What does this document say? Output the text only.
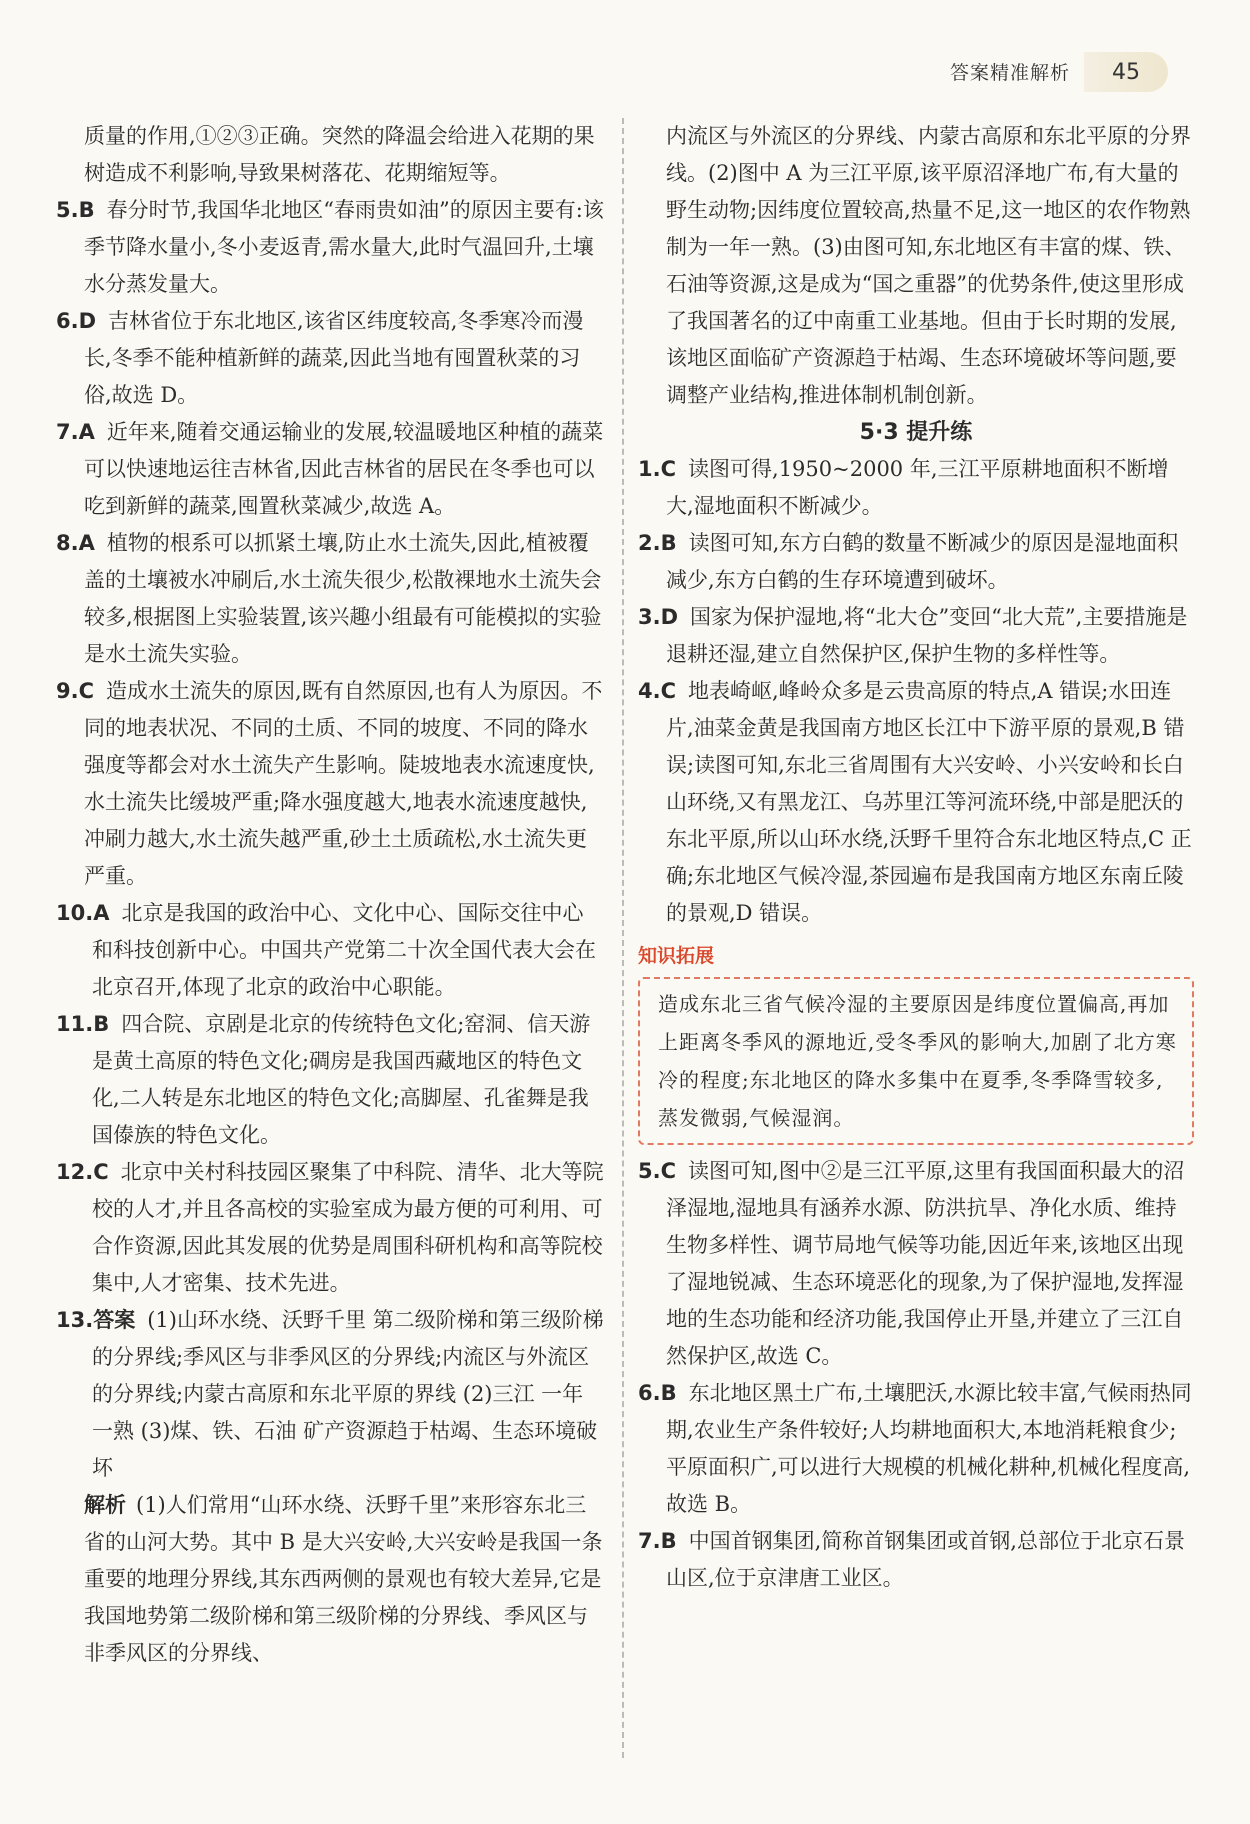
答案精准解析	45

质量的作用,①②③正确。突然的降温会给进入花期的果树造成不利影响,导致果树落花、花期缩短等。

5.B 春分时节,我国华北地区“春雨贵如油”的原因主要有:该季节降水量小,冬小麦返青,需水量大,此时气温回升,土壤水分蒸发量大。

6.D 吉林省位于东北地区,该省区纬度较高,冬季寒冷而漫长,冬季不能种植新鲜的蔬菜,因此当地有囤置秋菜的习俗,故选 D。

7.A 近年来,随着交通运输业的发展,较温暖地区种植的蔬菜可以快速地运往吉林省,因此吉林省的居民在冬季也可以吃到新鲜的蔬菜,囤置秋菜减少,故选 A。

8.A 植物的根系可以抓紧土壤,防止水土流失,因此,植被覆盖的土壤被水冲刷后,水土流失很少,松散裸地水土流失会较多,根据图上实验装置,该兴趣小组最有可能模拟的实验是水土流失实验。

9.C 造成水土流失的原因,既有自然原因,也有人为原因。不同的地表状况、不同的土质、不同的坡度、不同的降水强度等都会对水土流失产生影响。陡坡地表水流速度快,水土流失比缓坡严重;降水强度越大,地表水流速度越快,冲刷力越大,水土流失越严重,砂土土质疏松,水土流失更严重。

10.A 北京是我国的政治中心、文化中心、国际交往中心和科技创新中心。中国共产党第二十次全国代表大会在北京召开,体现了北京的政治中心职能。

11.B 四合院、京剧是北京的传统特色文化;窑洞、信天游是黄土高原的特色文化;碉房是我国西藏地区的特色文化,二人转是东北地区的特色文化;高脚屋、孔雀舞是我国傣族的特色文化。

12.C 北京中关村科技园区聚集了中科院、清华、北大等院校的人才,并且各高校的实验室成为最方便的可利用、可合作资源,因此其发展的优势是周围科研机构和高等院校集中,人才密集、技术先进。

13.答案 (1)山环水绕、沃野千里 第二级阶梯和第三级阶梯的分界线;季风区与非季风区的分界线;内流区与外流区的分界线;内蒙古高原和东北平原的界线 (2)三江 一年一熟 (3)煤、铁、石油 矿产资源趋于枯竭、生态环境破坏

解析 (1)人们常用“山环水绕、沃野千里”来形容东北三省的山河大势。其中 B 是大兴安岭,大兴安岭是我国一条重要的地理分界线,其东西两侧的景观也有较大差异,它是我国地势第二级阶梯和第三级阶梯的分界线、季风区与非季风区的分界线、

内流区与外流区的分界线、内蒙古高原和东北平原的分界线。(2)图中 A 为三江平原,该平原沼泽地广布,有大量的野生动物;因纬度位置较高,热量不足,这一地区的农作物熟制为一年一熟。(3)由图可知,东北地区有丰富的煤、铁、石油等资源,这是成为“国之重器”的优势条件,使这里形成了我国著名的辽中南重工业基地。但由于长时期的发展,该地区面临矿产资源趋于枯竭、生态环境破坏等问题,要调整产业结构,推进体制机制创新。

5·3 提升练

1.C 读图可得,1950~2000 年,三江平原耕地面积不断增大,湿地面积不断减少。

2.B 读图可知,东方白鹤的数量不断减少的原因是湿地面积减少,东方白鹤的生存环境遭到破坏。

3.D 国家为保护湿地,将“北大仓”变回“北大荒”,主要措施是退耕还湿,建立自然保护区,保护生物的多样性等。

4.C 地表崎岖,峰岭众多是云贵高原的特点,A 错误;水田连片,油菜金黄是我国南方地区长江中下游平原的景观,B 错误;读图可知,东北三省周围有大兴安岭、小兴安岭和长白山环绕,又有黑龙江、乌苏里江等河流环绕,中部是肥沃的东北平原,所以山环水绕,沃野千里符合东北地区特点,C 正确;东北地区气候冷湿,茶园遍布是我国南方地区东南丘陵的景观,D 错误。

知识拓展
造成东北三省气候冷湿的主要原因是纬度位置偏高,再加上距离冬季风的源地近,受冬季风的影响大,加剧了北方寒冷的程度;东北地区的降水多集中在夏季,冬季降雪较多,蒸发微弱,气候湿润。

5.C 读图可知,图中②是三江平原,这里有我国面积最大的沼泽湿地,湿地具有涵养水源、防洪抗旱、净化水质、维持生物多样性、调节局地气候等功能,因近年来,该地区出现了湿地锐减、生态环境恶化的现象,为了保护湿地,发挥湿地的生态功能和经济功能,我国停止开垦,并建立了三江自然保护区,故选 C。

6.B 东北地区黑土广布,土壤肥沃,水源比较丰富,气候雨热同期,农业生产条件较好;人均耕地面积大,本地消耗粮食少;平原面积广,可以进行大规模的机械化耕种,机械化程度高,故选 B。

7.B 中国首钢集团,简称首钢集团或首钢,总部位于北京石景山区,位于京津唐工业区。
